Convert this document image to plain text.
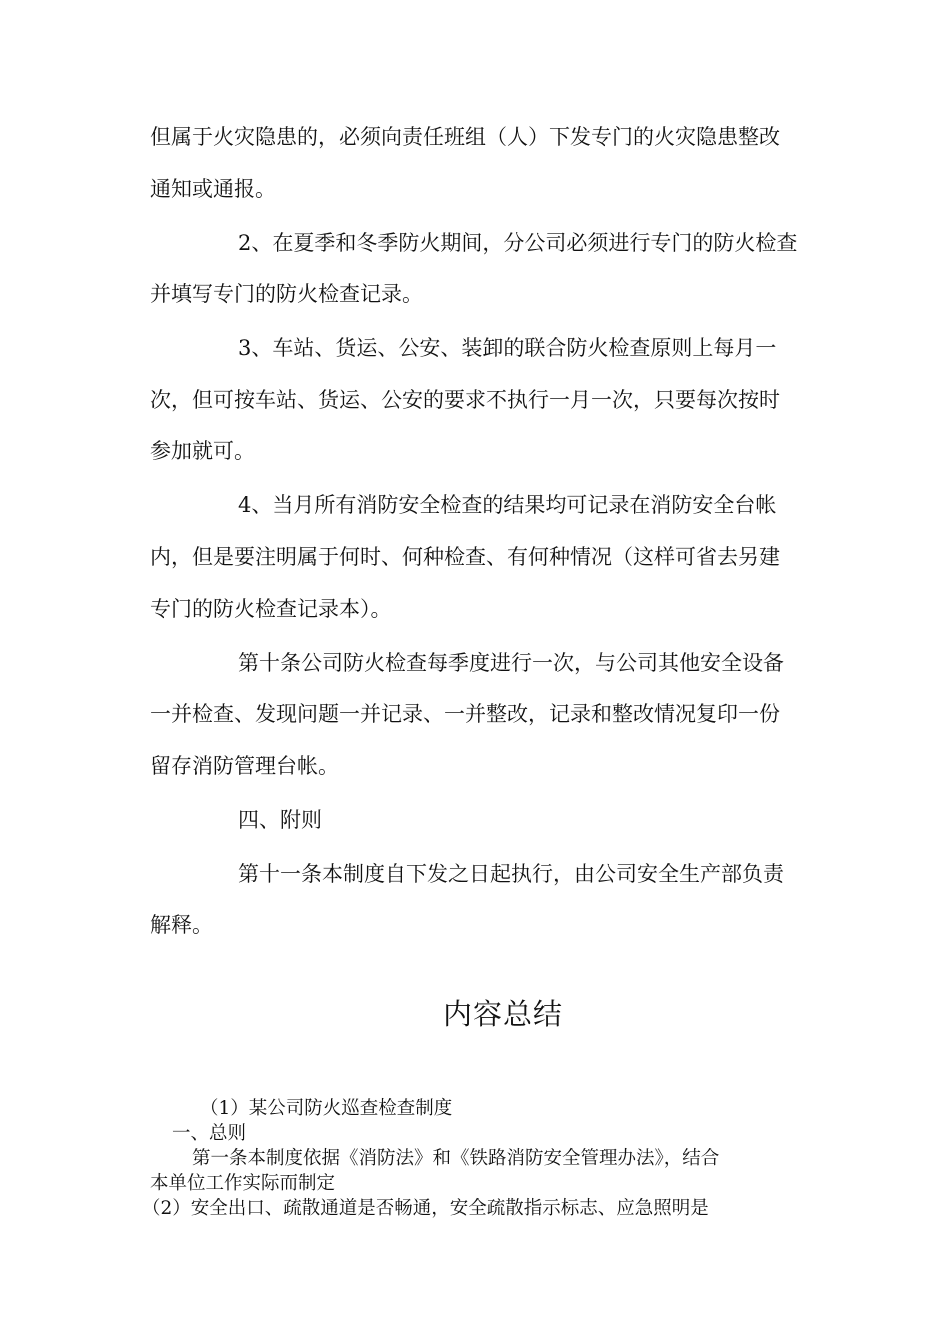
但属于火灾隐患的，必须向责任班组（人）下发专门的火灾隐患整改通知或通报。

2、在夏季和冬季防火期间，分公司必须进行专门的防火检查并填写专门的防火检查记录。

3、车站、货运、公安、装卸的联合防火检查原则上每月一次，但可按车站、货运、公安的要求不执行一月一次，只要每次按时参加就可。

4、当月所有消防安全检查的结果均可记录在消防安全台帐内，但是要注明属于何时、何种检查、有何种情况（这样可省去另建专门的防火检查记录本）。

第十条公司防火检查每季度进行一次，与公司其他安全设备一并检查、发现问题一并记录、一并整改，记录和整改情况复印一份留存消防管理台帐。

四、附则

第十一条本制度自下发之日起执行，由公司安全生产部负责解释。

内容总结

（1）某公司防火巡查检查制度

一、总则

第一条本制度依据《消防法》和《铁路消防安全管理办法》，结合

本单位工作实际而制定

（2）安全出口、疏散通道是否畅通，安全疏散指示标志、应急照明是
